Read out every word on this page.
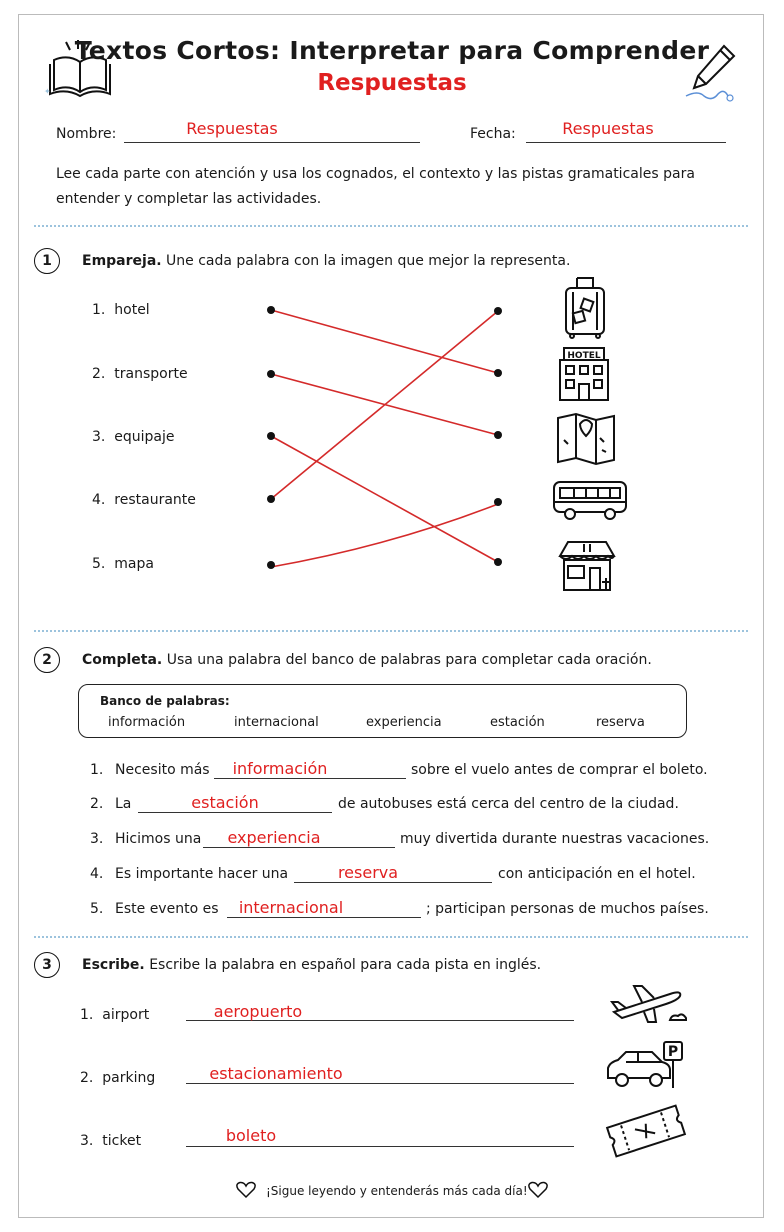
✦
Textos Cortos: Interpretar para Comprender
Respuestas
Nombre:	Respuestas	Fecha:	Respuestas
Lee cada parte con atención y usa los cognados, el contexto y las pistas gramaticales para entender y completar las actividades.
1	Empareja. Une cada palabra con la imagen que mejor la representa.
1. hotel
2. transporte
3. equipaje
4. restaurante
5. mapa
HOTEL
2	Completa. Usa una palabra del banco de palabras para completar cada oración.
Banco de palabras:
información	internacional	experiencia	estación	reserva
1. Necesito más	información	sobre el vuelo antes de comprar el boleto.
2. La	estación	de autobuses está cerca del centro de la ciudad.
3. Hicimos una	experiencia	muy divertida durante nuestras vacaciones.
4. Es importante hacer una	reserva	con anticipación en el hotel.
5. Este evento es	internacional	; participan personas de muchos países.
3	Escribe. Escribe la palabra en español para cada pista en inglés.
1. airport	aeropuerto
2. parking	estacionamiento
3. ticket	boleto
P
¡Sigue leyendo y entenderás más cada día!
